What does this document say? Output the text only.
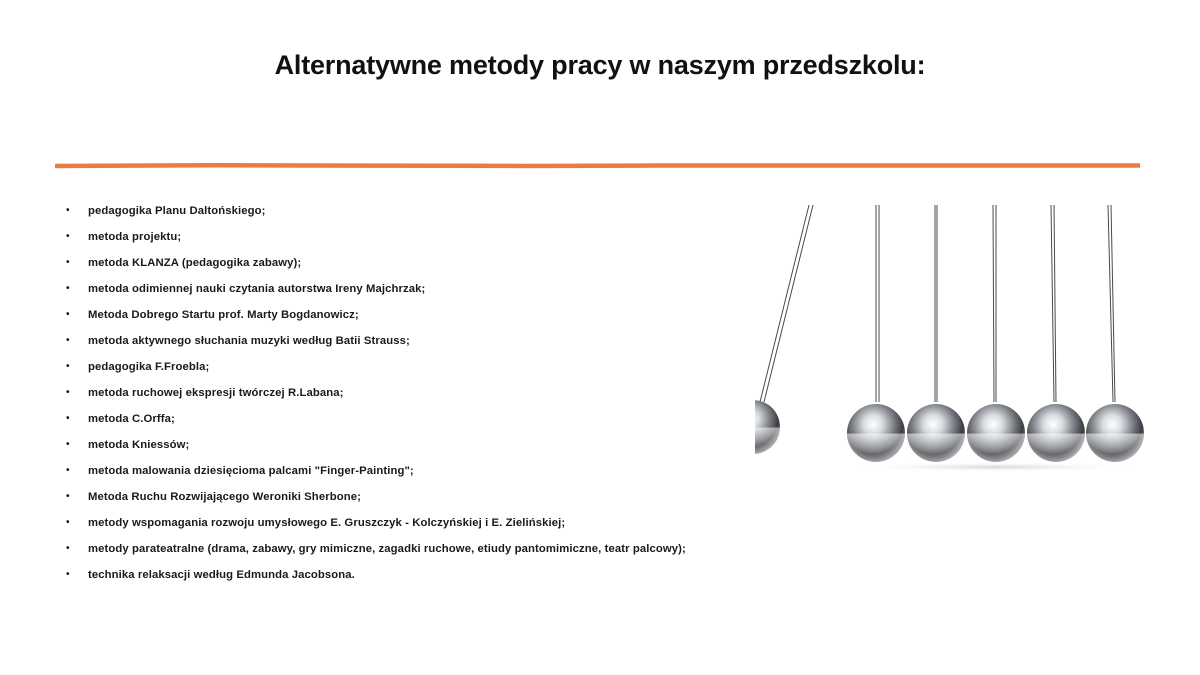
Alternatywne metody pracy w naszym przedszkolu:
• pedagogika Planu Daltońskiego;
• metoda projektu;
• metoda KLANZA (pedagogika zabawy);
• metoda odimiennej nauki czytania autorstwa Ireny Majchrzak;
• Metoda Dobrego Startu prof. Marty Bogdanowicz;
• metoda aktywnego słuchania muzyki według Batii Strauss;
• pedagogika F.Froebla;
• metoda ruchowej ekspresji twórczej R.Labana;
• metoda C.Orffa;
• metoda Kniessów;
• metoda malowania dziesięcioma palcami "Finger-Painting";
• Metoda Ruchu Rozwijającego Weroniki Sherbone;
• metody wspomagania rozwoju umysłowego E. Gruszczyk - Kolczyńskiej i E. Zielińskiej;
• metody parateatralne (drama, zabawy, gry mimiczne, zagadki ruchowe, etiudy pantomimiczne, teatr palcowy);
• technika relaksacji według Edmunda Jacobsona.
